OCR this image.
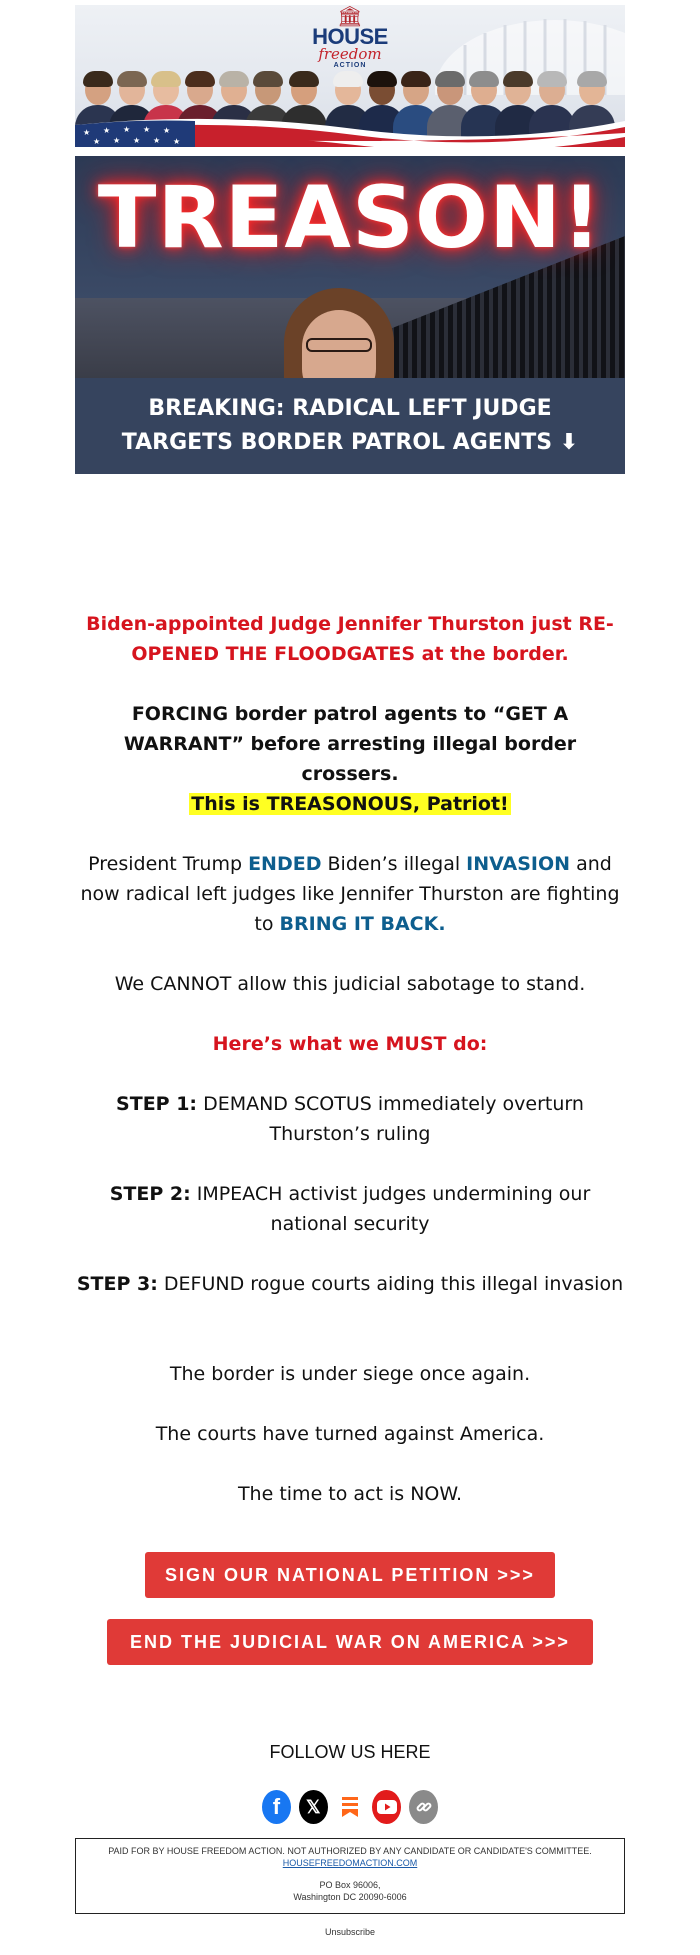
★ ★ ★ ★ ★
★ ★ ★ ★ ★
🏛
HOUSE
freedom
ACTION
TREASON!
BREAKING: RADICAL LEFT JUDGE
TARGETS BORDER PATROL AGENTS ⬇
Biden-appointed Judge Jennifer Thurston just RE-OPENED THE FLOODGATES at the border.
FORCING border patrol agents to “GET A WARRANT” before arresting illegal border crossers.
This is TREASONOUS, Patriot!
President Trump ENDED Biden’s illegal INVASION and now radical left judges like Jennifer Thurston are fighting to BRING IT BACK.
We CANNOT allow this judicial sabotage to stand.
Here’s what we MUST do:
STEP 1: DEMAND SCOTUS immediately overturn Thurston’s ruling
STEP 2: IMPEACH activist judges undermining our national security
STEP 3: DEFUND rogue courts aiding this illegal invasion
The border is under siege once again.
The courts have turned against America.
The time to act is NOW.
SIGN OUR NATIONAL PETITION >>>
END THE JUDICIAL WAR ON AMERICA >>>
FOLLOW US HERE
f	𝕏
PAID FOR BY HOUSE FREEDOM ACTION. NOT AUTHORIZED BY ANY CANDIDATE OR CANDIDATE'S COMMITTEE.
HOUSEFREEDOMACTION.COM
PO Box 96006,
Washington DC 20090-6006
Unsubscribe
